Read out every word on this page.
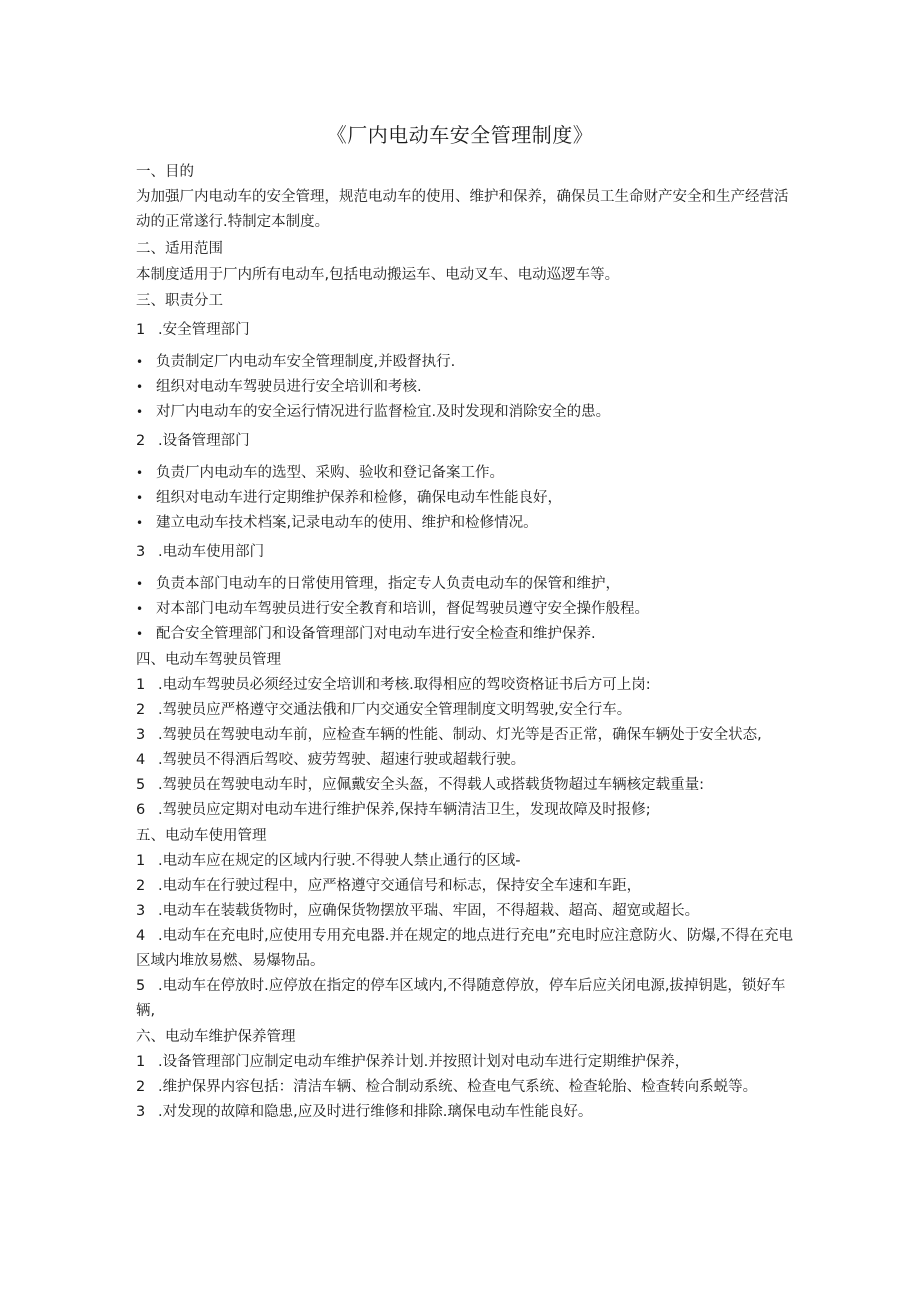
《厂内电动车安全管理制度》
一、目的
为加强厂内电动车的安全管理，规范电动车的使用、维护和保养，确保员工生命财产安全和生产经营活动的正常遂行.特制定本制度。
二、适用范围
本制度适用于厂内所有电动车,包括电动搬运车、电动叉车、电动巡逻车等。
三、职责分工
1 .安全管理部门
• 负责制定厂内电动车安全管理制度,并殴督执行.
• 组织对电动车驾驶员进行安全培训和考核.
• 对厂内电动车的安全运行情况进行监督检宜.及时发现和消除安全的患。
2 .设备管理部门
• 负责厂内电动车的选型、采购、验收和登记备案工作。
• 组织对电动车进行定期维护保养和检修，确保电动车性能良好，
• 建立电动车技术档案,记录电动车的使用、维护和检修情况。
3 .电动车使用部门
• 负责本部门电动车的日常使用管理，指定专人负责电动车的保管和维护，
• 对本部门电动车驾驶员进行安全教育和培训，督促驾驶员遵守安全操作般程。
• 配合安全管理部门和设备管理部门对电动车进行安全检查和维护保养.
四、电动车驾驶员管理
1 .电动车驾驶员必须经过安全培训和考核.取得相应的驾咬资格证书后方可上岗:
2 .驾驶员应严格遵守交通法俄和厂内交通安全管理制度文明驾驶,安全行车。
3 .驾驶员在驾驶电动车前，应检查车辆的性能、制动、灯光等是否正常，确保车辆处于安全状态,
4 .驾驶员不得酒后驾咬、疲劳驾驶、超速行驶或超载行驶。
5 .驾驶员在驾驶电动车时，应佩戴安全头盔，不得载人或搭载货物超过车辆核定载重量:
6 .驾驶员应定期对电动车进行维护保养,保持车辆清洁卫生，发现故障及时报修;
五、电动车使用管理
1 .电动车应在规定的区域内行驶.不得驶人禁止通行的区域-
2 .电动车在行驶过程中，应严格遵守交通信号和标志，保持安全车速和车距，
3 .电动车在装载货物时，应确保货物摆放平瑞、牢固，不得超栽、超高、超宽或超长。
4 .电动车在充电时,应使用专用充电器.并在规定的地点进行充电”充电时应注意防火、防爆,不得在充电区域内堆放易燃、易爆物品。
5 .电动车在停放时.应停放在指定的停车区域内,不得随意停放，停车后应关闭电源,拔掉钥匙，锁好车辆,
六、电动车维护保养管理
1 .设备管理部门应制定电动车维护保养计划.并按照计划对电动车进行定期维护保养，
2 .维护保界内容包括：清洁车辆、检合制动系统、检查电气系统、检查轮胎、检查转向系蜕等。
3 .对发现的故障和隐患,应及时进行维修和排除.璃保电动车性能良好。
